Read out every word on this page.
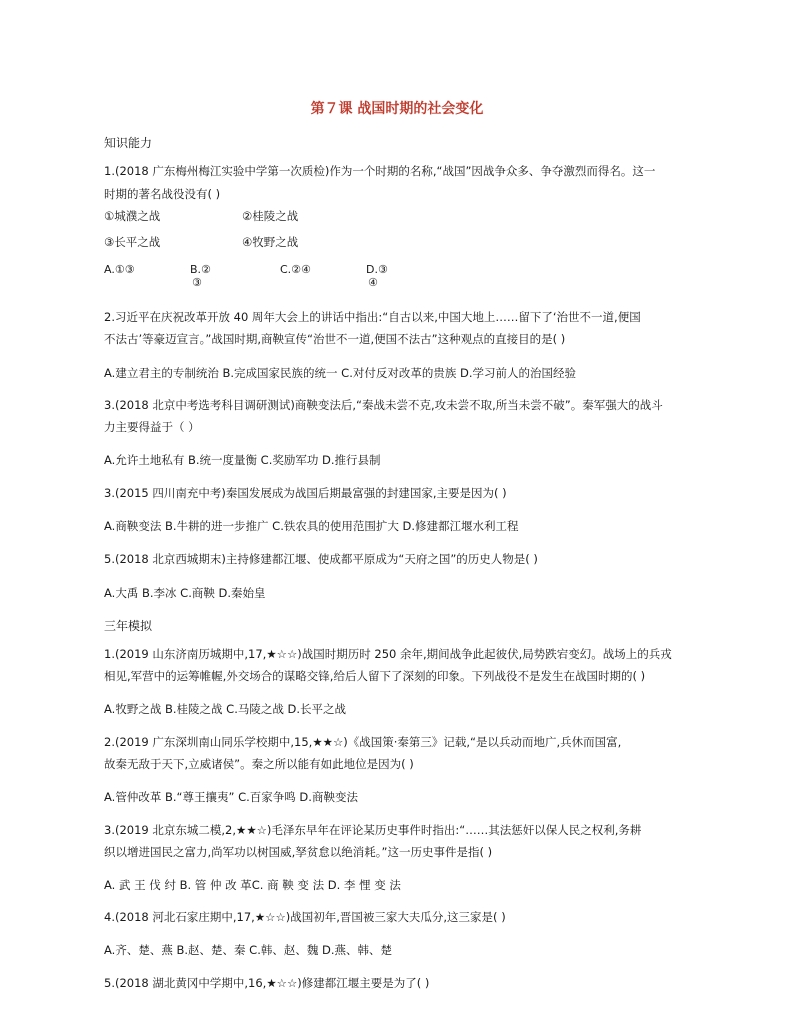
第７课 战国时期的社会变化
知识能力
1.(2018 广东梅州梅江实验中学第一次质检)作为一个时期的名称,“战国”因战争众多、争夺激烈而得名。这一
时期的著名战役没有( )
①城濮之战	②桂陵之战
③长平之战	④牧野之战
A.①③	B.②
③
C.②④	D.③
④
2.习近平在庆祝改革开放 40 周年大会上的讲话中指出:“自古以来,中国大地上……留下了‘治世不一道,便国
不法古’等豪迈宣言。”战国时期,商鞅宣传“治世不一道,便国不法古”这种观点的直接目的是( )
A.建立君主的专制统治 B.完成国家民族的统一 C.对付反对改革的贵族 D.学习前人的治国经验
3.(2018 北京中考选考科目调研测试)商鞅变法后,“秦战未尝不克,攻未尝不取,所当未尝不破”。秦军强大的战斗
力主要得益于（ ）
A.允许土地私有 B.统一度量衡 C.奖励军功 D.推行县制
3.(2015 四川南充中考)秦国发展成为战国后期最富强的封建国家,主要是因为( )
A.商鞅变法 B.牛耕的进一步推广 C.铁农具的使用范围扩大 D.修建都江堰水利工程
5.(2018 北京西城期末)主持修建都江堰、使成都平原成为“天府之国”的历史人物是( )
A.大禹 B.李冰 C.商鞅 D.秦始皇
三年模拟
1.(2019 山东济南历城期中,17,★☆☆)战国时期历时 250 余年,期间战争此起彼伏,局势跌宕变幻。战场上的兵戎
相见,军营中的运筹帷幄,外交场合的谋略交锋,给后人留下了深刻的印象。下列战役不是发生在战国时期的( )
A.牧野之战 B.桂陵之战 C.马陵之战 D.长平之战
2.(2019 广东深圳南山同乐学校期中,15,★★☆)《战国策·秦第三》记载,“是以兵动而地广,兵休而国富,
故秦无敌于天下,立威诸侯”。秦之所以能有如此地位是因为( )
A.管仲改革 B.“尊王攘夷” C.百家争鸣 D.商鞅变法
3.(2019 北京东城二模,2,★★☆)毛泽东早年在评论某历史事件时指出:“……其法惩奸以保人民之权利,务耕
织以增进国民之富力,尚军功以树国威,孥贫怠以绝消耗。”这一历史事件是指( )
A. 武 王 伐 纣 B. 管 仲 改 革C. 商 鞅 变 法 D. 李 悝 变 法
4.(2018 河北石家庄期中,17,★☆☆)战国初年,晋国被三家大夫瓜分,这三家是( )
A.齐、楚、燕 B.赵、楚、秦 C.韩、赵、魏 D.燕、韩、楚
5.(2018 湖北黄冈中学期中,16,★☆☆)修建都江堰主要是为了( )
